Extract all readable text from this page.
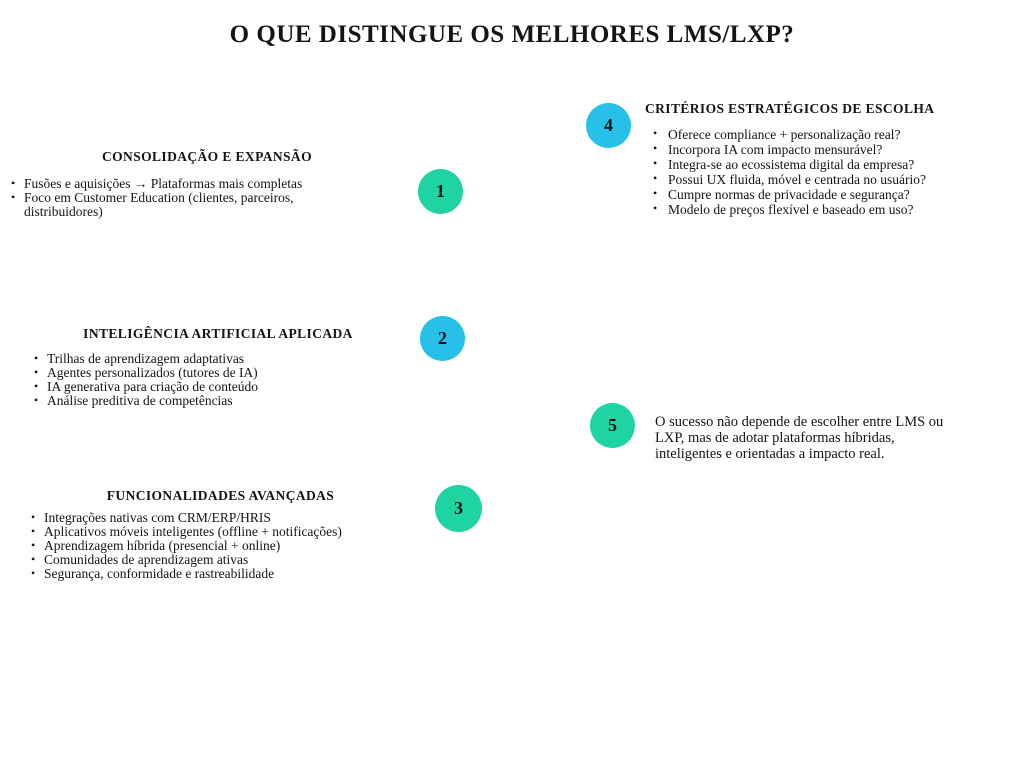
O QUE DISTINGUE OS MELHORES LMS/LXP?
CONSOLIDAÇÃO E EXPANSÃO
• Fusões e aquisições → Plataformas mais completas
• Foco em Customer Education (clientes, parceiros, distribuidores)
1
INTELIGÊNCIA ARTIFICIAL APLICADA
• Trilhas de aprendizagem adaptativas
• Agentes personalizados (tutores de IA)
• IA generativa para criação de conteúdo
• Análise preditiva de competências
2
FUNCIONALIDADES AVANÇADAS
• Integrações nativas com CRM/ERP/HRIS
• Aplicativos móveis inteligentes (offline + notificações)
• Aprendizagem híbrida (presencial + online)
• Comunidades de aprendizagem ativas
• Segurança, conformidade e rastreabilidade
3
4
CRITÉRIOS ESTRATÉGICOS DE ESCOLHA
• Oferece compliance + personalização real?
• Incorpora IA com impacto mensurável?
• Integra-se ao ecossistema digital da empresa?
• Possui UX fluida, móvel e centrada no usuário?
• Cumpre normas de privacidade e segurança?
• Modelo de preços flexível e baseado em uso?
5	O sucesso não depende de escolher entre LMS ou LXP, mas de adotar plataformas híbridas, inteligentes e orientadas a impacto real.
